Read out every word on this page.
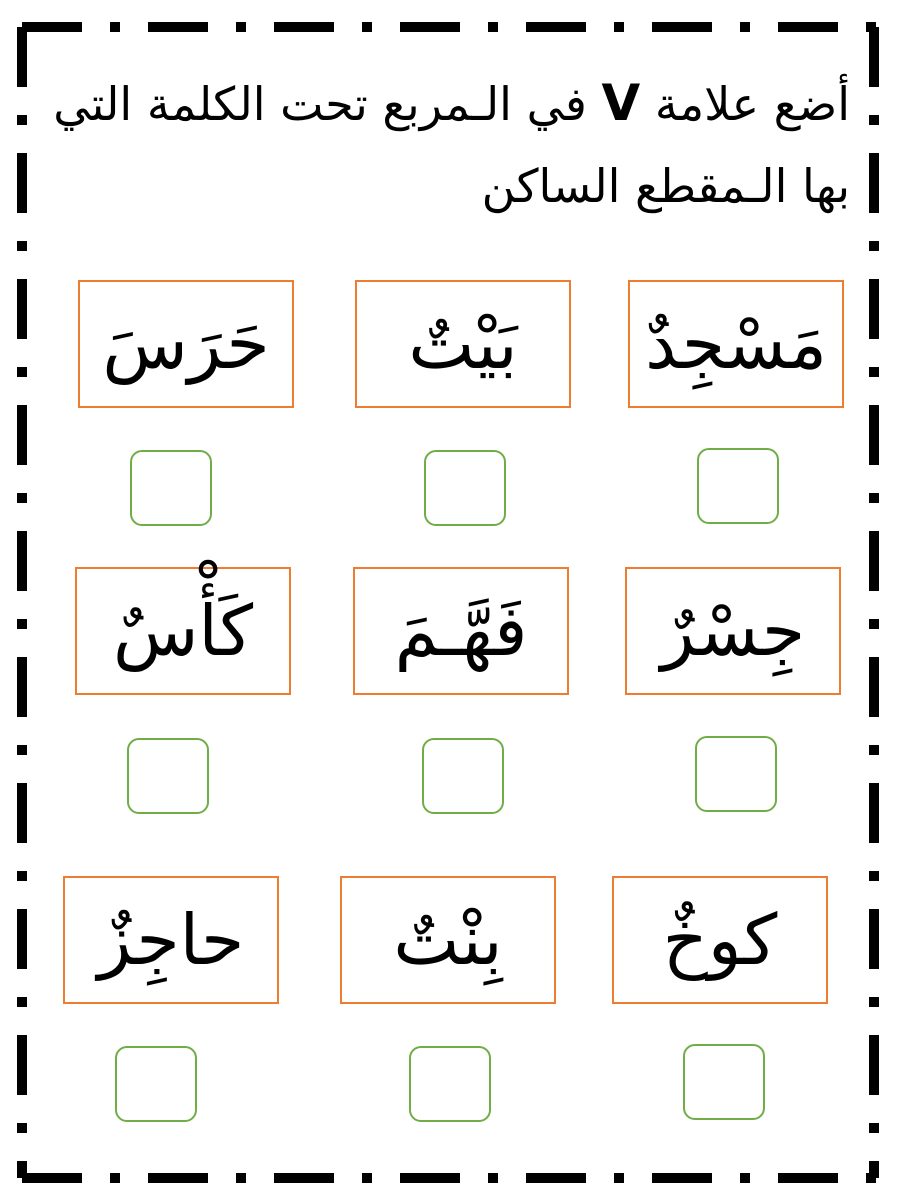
أضع علامة V في الـمربع تحت الكلمة التي
بها الـمقطع الساكن
مَسْجِدٌ
بَيْتٌ
حَرَسَ
جِسْرٌ
فَهَّـمَ
كَأْسٌ
كوخٌ
بِنْتٌ
حاجِزٌ
